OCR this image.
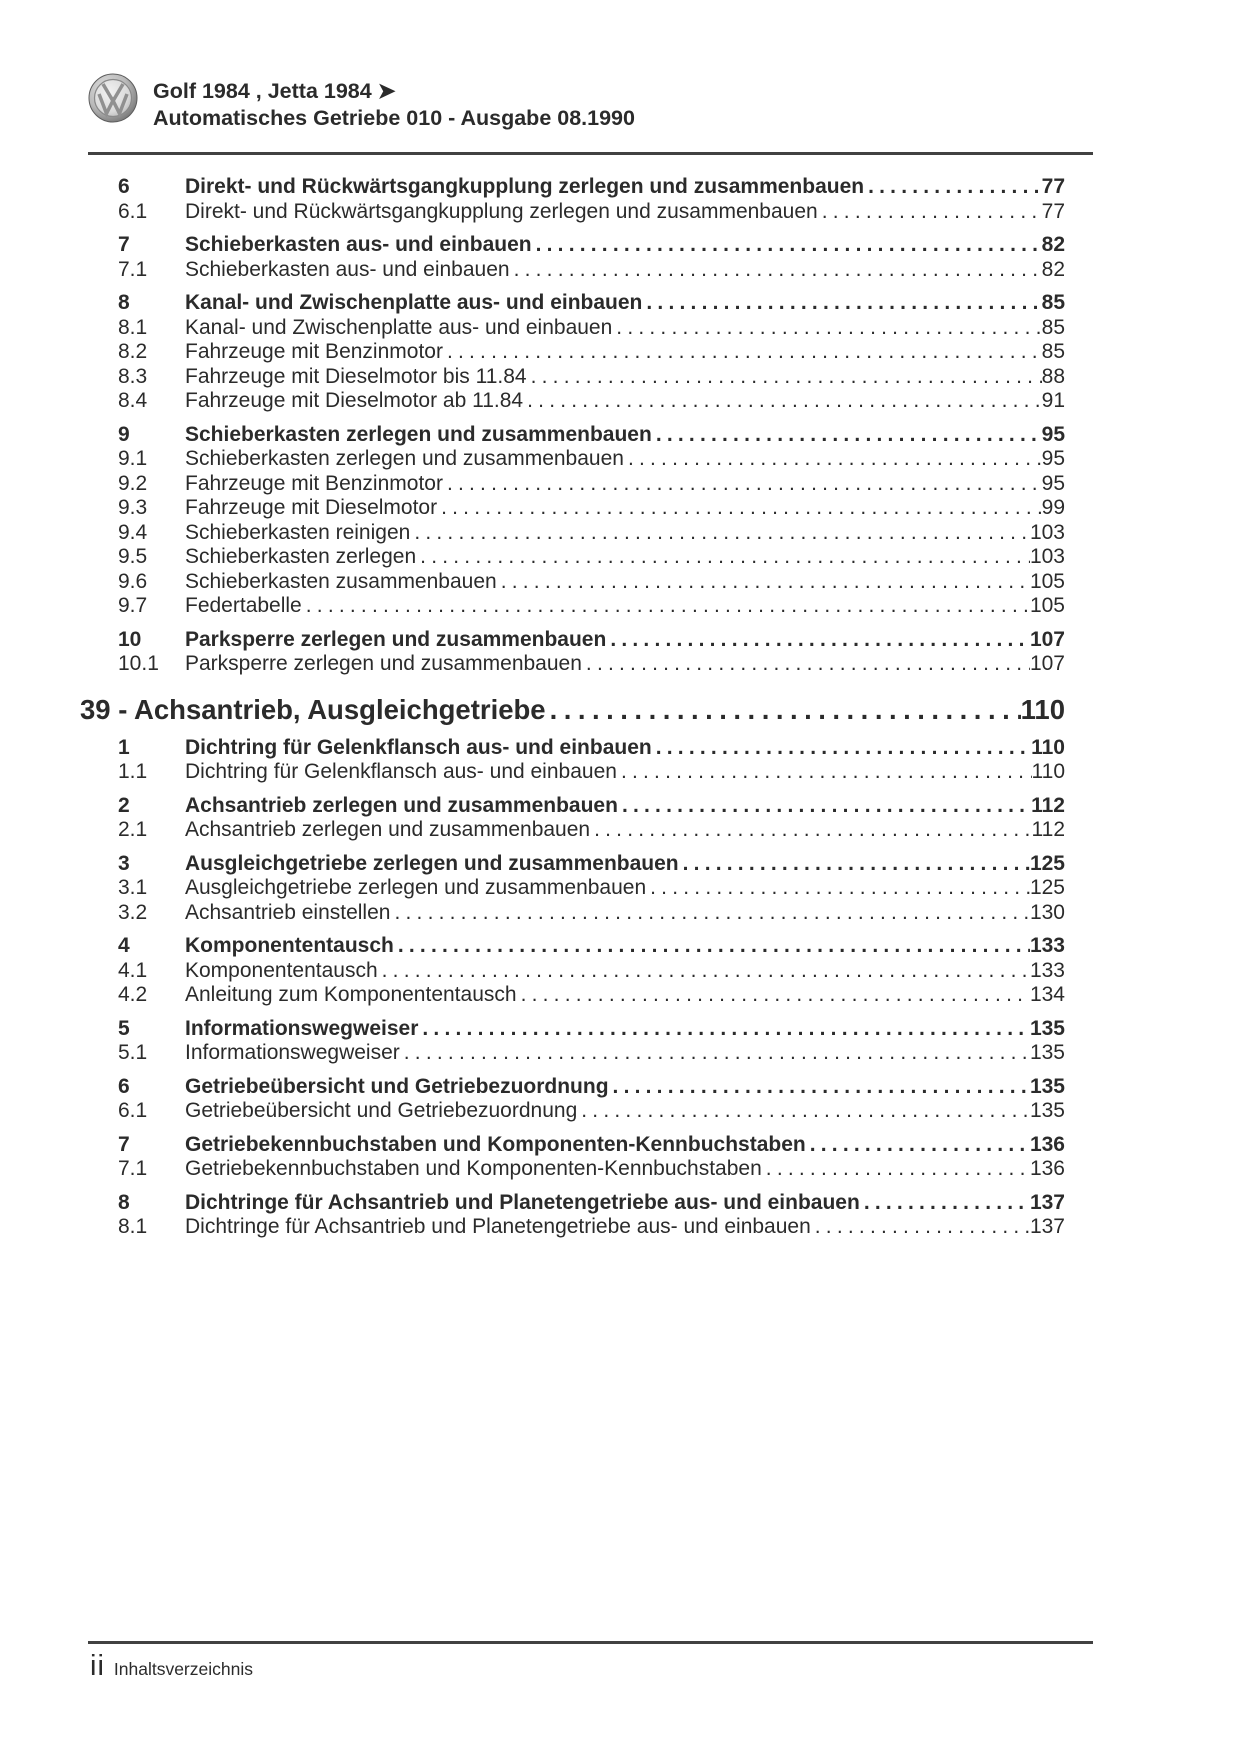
Golf 1984 , Jetta 1984 ➤
Automatisches Getriebe 010 - Ausgabe 08.1990
6	Direkt- und Rückwärtsgangkupplung zerlegen und zusammenbauen .....	77
6.1	Direkt- und Rückwärtsgangkupplung zerlegen und zusammenbauen .....	77
7	Schieberkasten aus- und einbauen .....	82
7.1	Schieberkasten aus- und einbauen .....	82
8	Kanal- und Zwischenplatte aus- und einbauen .....	85
8.1	Kanal- und Zwischenplatte aus- und einbauen .....	85
8.2	Fahrzeuge mit Benzinmotor .....	85
8.3	Fahrzeuge mit Dieselmotor bis 11.84 .....	88
8.4	Fahrzeuge mit Dieselmotor ab 11.84 .....	91
9	Schieberkasten zerlegen und zusammenbauen .....	95
9.1	Schieberkasten zerlegen und zusammenbauen .....	95
9.2	Fahrzeuge mit Benzinmotor .....	95
9.3	Fahrzeuge mit Dieselmotor .....	99
9.4	Schieberkasten reinigen .....	103
9.5	Schieberkasten zerlegen .....	103
9.6	Schieberkasten zusammenbauen .....	105
9.7	Federtabelle .....	105
10	Parksperre zerlegen und zusammenbauen .....	107
10.1	Parksperre zerlegen und zusammenbauen .....	107
39 - Achsantrieb, Ausgleichgetriebe .....	110
1	Dichtring für Gelenkflansch aus- und einbauen .....	110
1.1	Dichtring für Gelenkflansch aus- und einbauen .....	110
2	Achsantrieb zerlegen und zusammenbauen .....	112
2.1	Achsantrieb zerlegen und zusammenbauen .....	112
3	Ausgleichgetriebe zerlegen und zusammenbauen .....	125
3.1	Ausgleichgetriebe zerlegen und zusammenbauen .....	125
3.2	Achsantrieb einstellen .....	130
4	Komponententausch .....	133
4.1	Komponententausch .....	133
4.2	Anleitung zum Komponententausch .....	134
5	Informationswegweiser .....	135
5.1	Informationswegweiser .....	135
6	Getriebeübersicht und Getriebezuordnung .....	135
6.1	Getriebeübersicht und Getriebezuordnung .....	135
7	Getriebekennbuchstaben und Komponenten-Kennbuchstaben .....	136
7.1	Getriebekennbuchstaben und Komponenten-Kennbuchstaben .....	136
8	Dichtringe für Achsantrieb und Planetengetriebe aus- und einbauen .....	137
8.1	Dichtringe für Achsantrieb und Planetengetriebe aus- und einbauen .....	137
ii Inhaltsverzeichnis
